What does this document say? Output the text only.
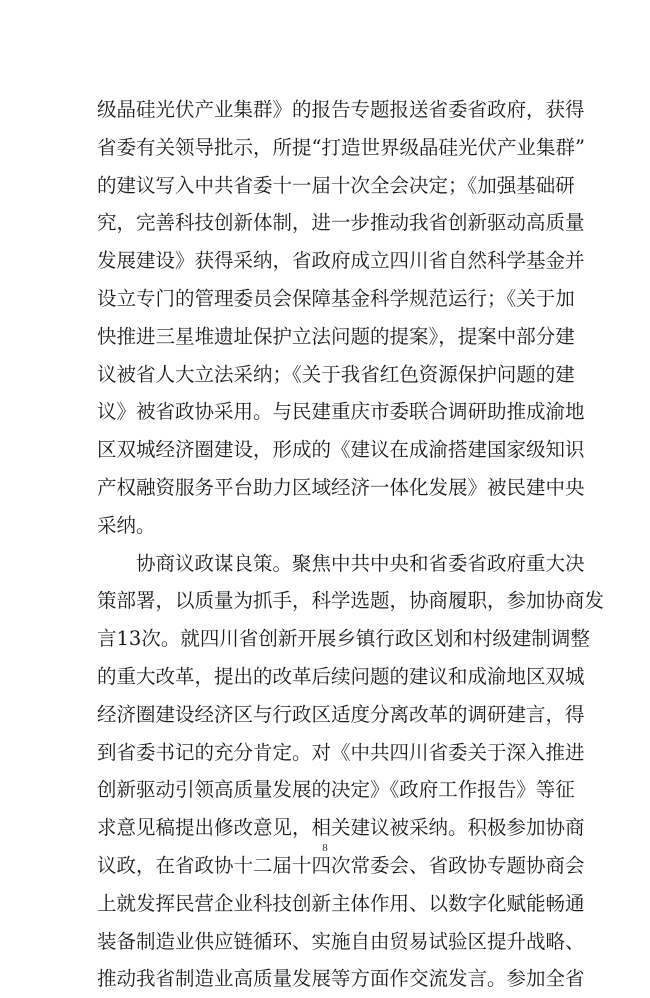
级晶硅光伏产业集群》的报告专题报送省委省政府，获得
省委有关领导批示，所提“打造世界级晶硅光伏产业集群”
的建议写入中共省委十一届十次全会决定；《加强基础研
究，完善科技创新体制，进一步推动我省创新驱动高质量
发展建设》获得采纳，省政府成立四川省自然科学基金并
设立专门的管理委员会保障基金科学规范运行；《关于加
快推进三星堆遗址保护立法问题的提案》，提案中部分建
议被省人大立法采纳；《关于我省红色资源保护问题的建
议》被省政协采用。与民建重庆市委联合调研助推成渝地
区双城经济圈建设，形成的《建议在成渝搭建国家级知识
产权融资服务平台助力区域经济一体化发展》被民建中央
采纳。
协商议政谋良策。聚焦中共中央和省委省政府重大决
策部署，以质量为抓手，科学选题，协商履职，参加协商发
言13次。就四川省创新开展乡镇行政区划和村级建制调整
的重大改革，提出的改革后续问题的建议和成渝地区双城
经济圈建设经济区与行政区适度分离改革的调研建言，得
到省委书记的充分肯定。对《中共四川省委关于深入推进
创新驱动引领高质量发展的决定》《政府工作报告》等征
求意见稿提出修改意见，相关建议被采纳。积极参加协商
议政，在省政协十二届十四次常委会、省政协专题协商会
上就发挥民营企业科技创新主体作用、以数字化赋能畅通
装备制造业供应链循环、实施自由贸易试验区提升战略、
推动我省制造业高质量发展等方面作交流发言。参加全省
8
